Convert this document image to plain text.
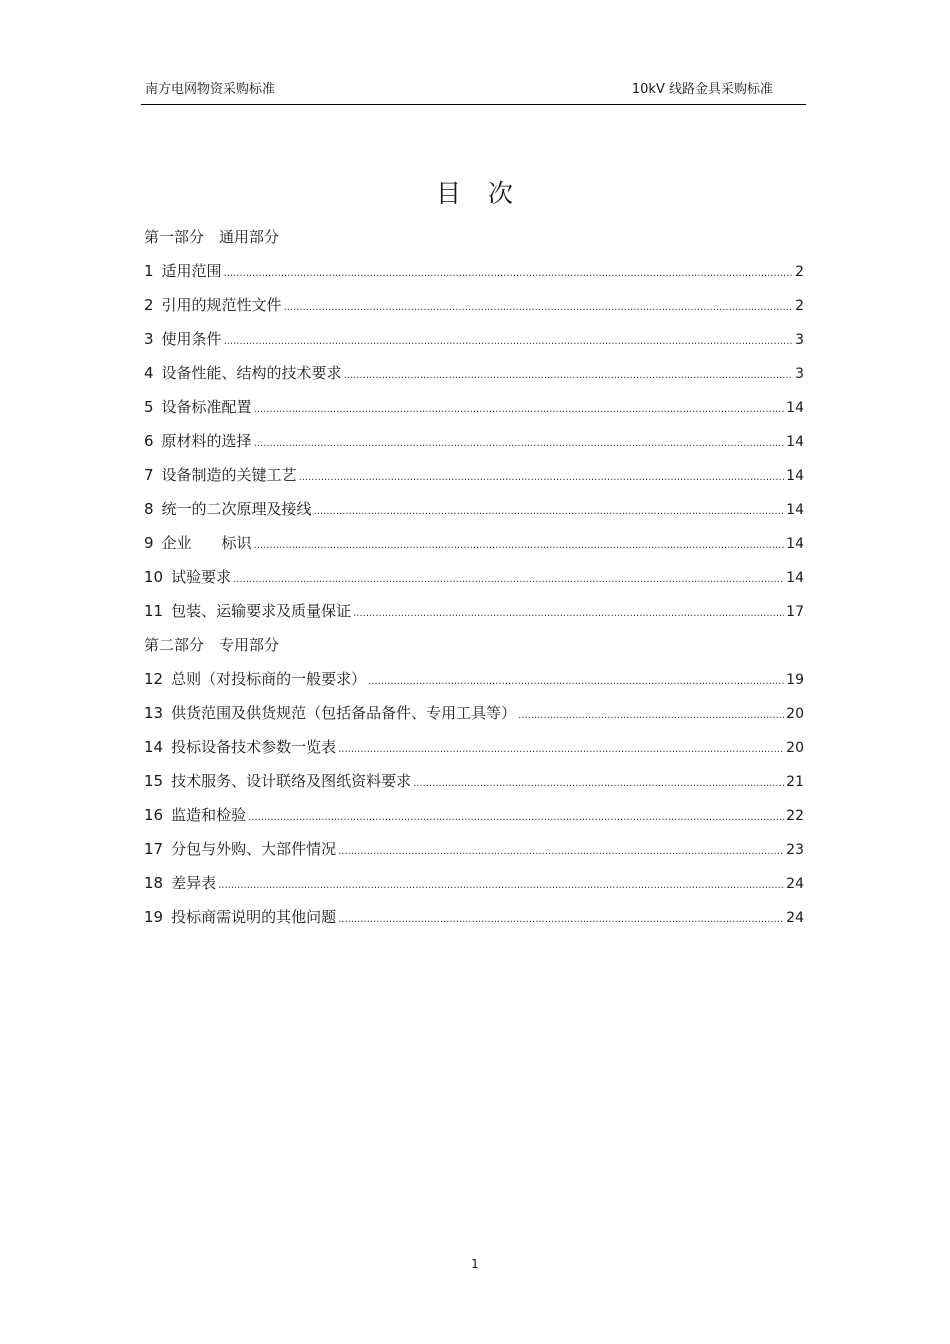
南方电网物资采购标准	10kV 线路金具采购标准
目　次
第一部分　通用部分
1 适用范围 .....	2
2 引用的规范性文件 .....	2
3 使用条件 .....	3
4 设备性能、结构的技术要求 .....	3
5 设备标准配置 .....	14
6 原材料的选择 .....	14
7 设备制造的关键工艺 .....	14
8 统一的二次原理及接线 .....	14
9 企业　　标识 .....	14
10 试验要求 .....	14
11 包装、运输要求及质量保证 .....	17
第二部分　专用部分
12 总则（对投标商的一般要求） .....	19
13 供货范围及供货规范（包括备品备件、专用工具等） .....	20
14 投标设备技术参数一览表 .....	20
15 技术服务、设计联络及图纸资料要求 .....	21
16 监造和检验 .....	22
17 分包与外购、大部件情况 .....	23
18 差异表 .....	24
19 投标商需说明的其他问题 .....	24
1
